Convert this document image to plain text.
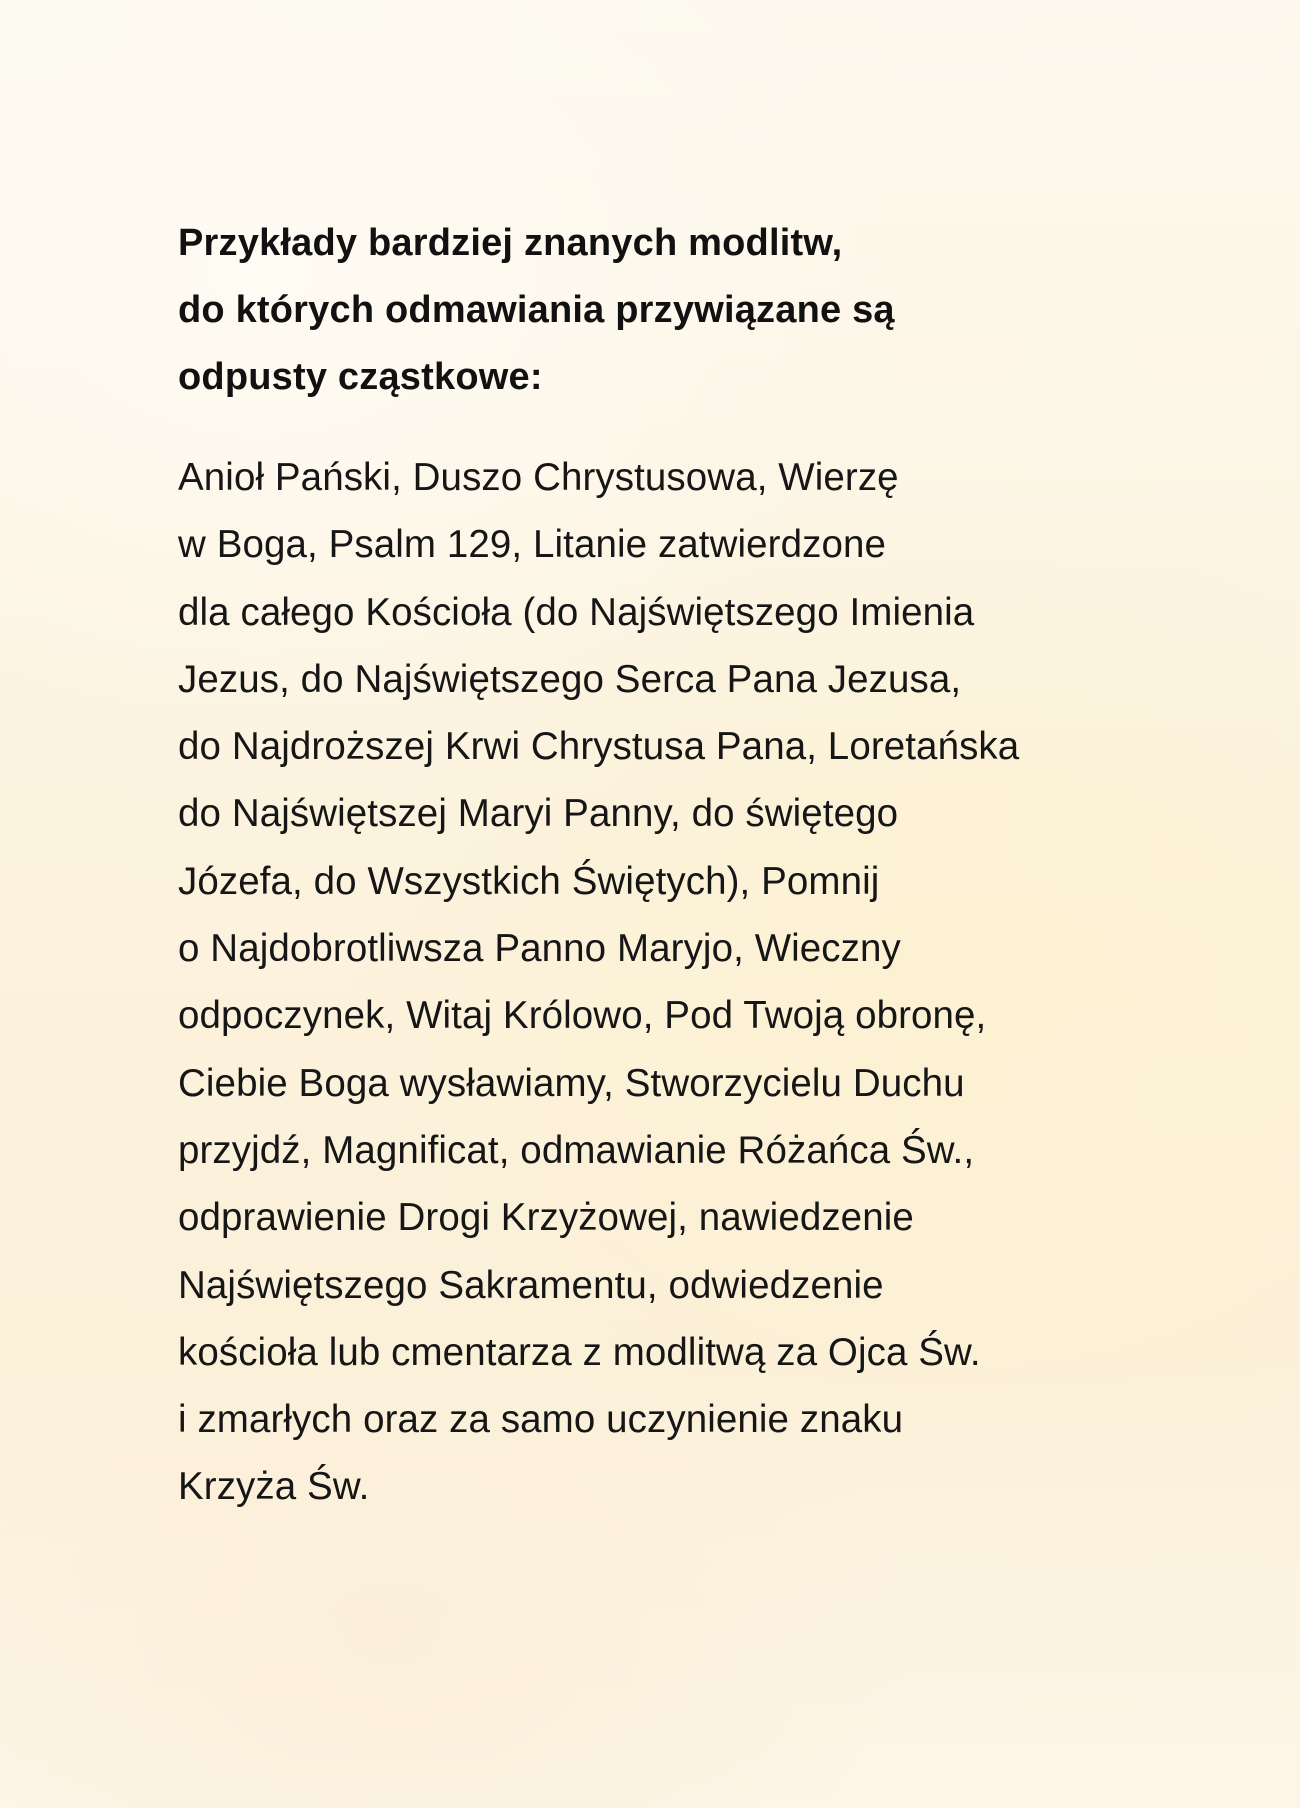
Przykłady bardziej znanych modlitw,
do których odmawiania przywiązane są
odpusty cząstkowe:

Anioł Pański, Duszo Chrystusowa, Wierzę
w Boga, Psalm 129, Litanie zatwierdzone
dla całego Kościoła (do Najświętszego Imienia
Jezus, do Najświętszego Serca Pana Jezusa,
do Najdroższej Krwi Chrystusa Pana, Loretańska
do Najświętszej Maryi Panny, do świętego
Józefa, do Wszystkich Świętych), Pomnij
o Najdobrotliwsza Panno Maryjo, Wieczny
odpoczynek, Witaj Królowo, Pod Twoją obronę,
Ciebie Boga wysławiamy, Stworzycielu Duchu
przyjdź, Magnificat, odmawianie Różańca Św.,
odprawienie Drogi Krzyżowej, nawiedzenie
Najświętszego Sakramentu, odwiedzenie
kościoła lub cmentarza z modlitwą za Ojca Św.
i zmarłych oraz za samo uczynienie znaku
Krzyża Św.
